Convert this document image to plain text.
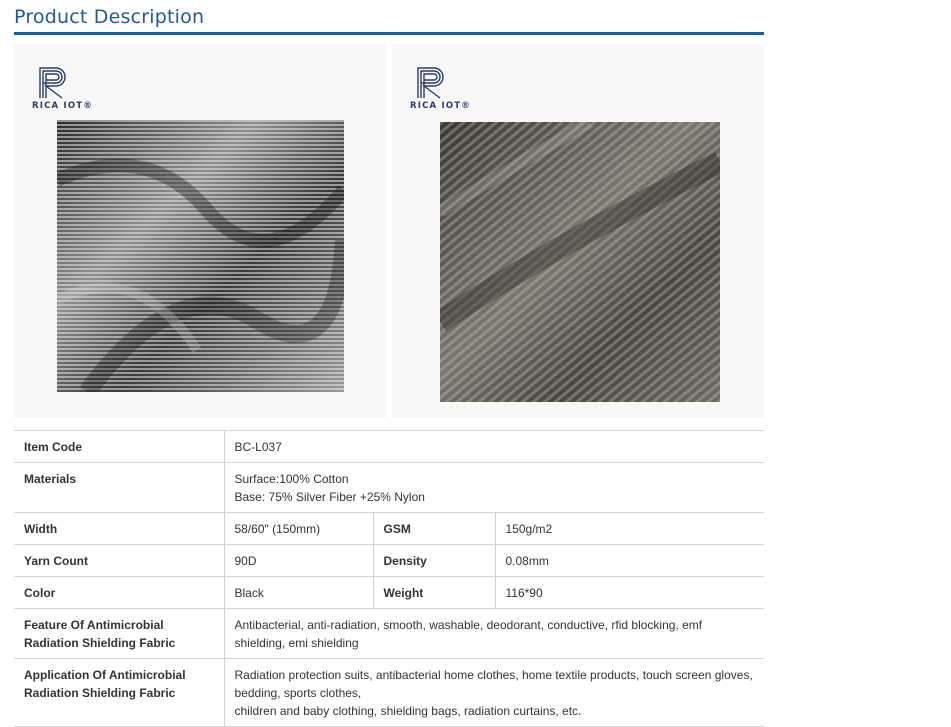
Product Description
RICA IOT®	RICA IOT®
Item Code	BC-L037		
Materials	Surface:100% Cotton
Base: 75% Silver Fiber +25% Nylon		

Width	58/60" (150mm)	GSM	150g/m2
Yarn Count	90D	Density	0.08mm
Color	Black	Weight	116*90

Feature Of Antimicrobial
Radiation Shielding Fabric	Antibacterial, anti-radiation, smooth, washable, deodorant, conductive, rfid blocking, emf shielding, emi shielding		

Application Of Antimicrobial
Radiation Shielding Fabric	Radiation protection suits, antibacterial home clothes, home textile products, touch screen gloves, bedding, sports clothes,
children and baby clothing, shielding bags, radiation curtains, etc.		
